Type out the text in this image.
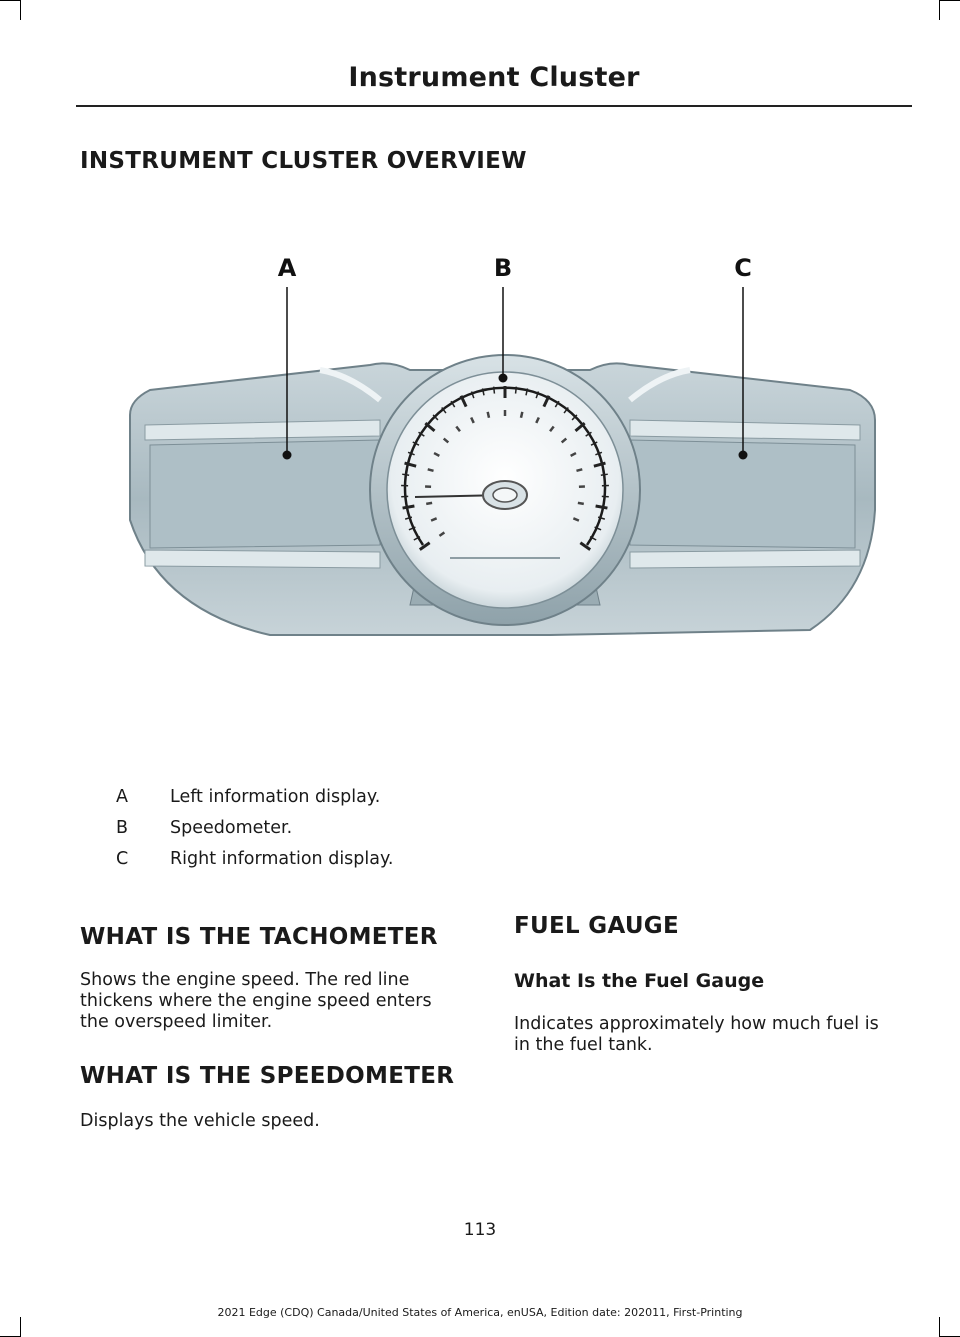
Instrument Cluster
INSTRUMENT CLUSTER OVERVIEW
A	B	C
A Left information display.
B Speedometer.
C Right information display.
WHAT IS THE TACHOMETER
Shows the engine speed. The red line
thickens where the engine speed enters
the overspeed limiter.
WHAT IS THE SPEEDOMETER
Displays the vehicle speed.
FUEL GAUGE
What Is the Fuel Gauge
Indicates approximately how much fuel is
in the fuel tank.
113
2021 Edge (CDQ) Canada/United States of America, enUSA, Edition date: 202011, First-Printing
